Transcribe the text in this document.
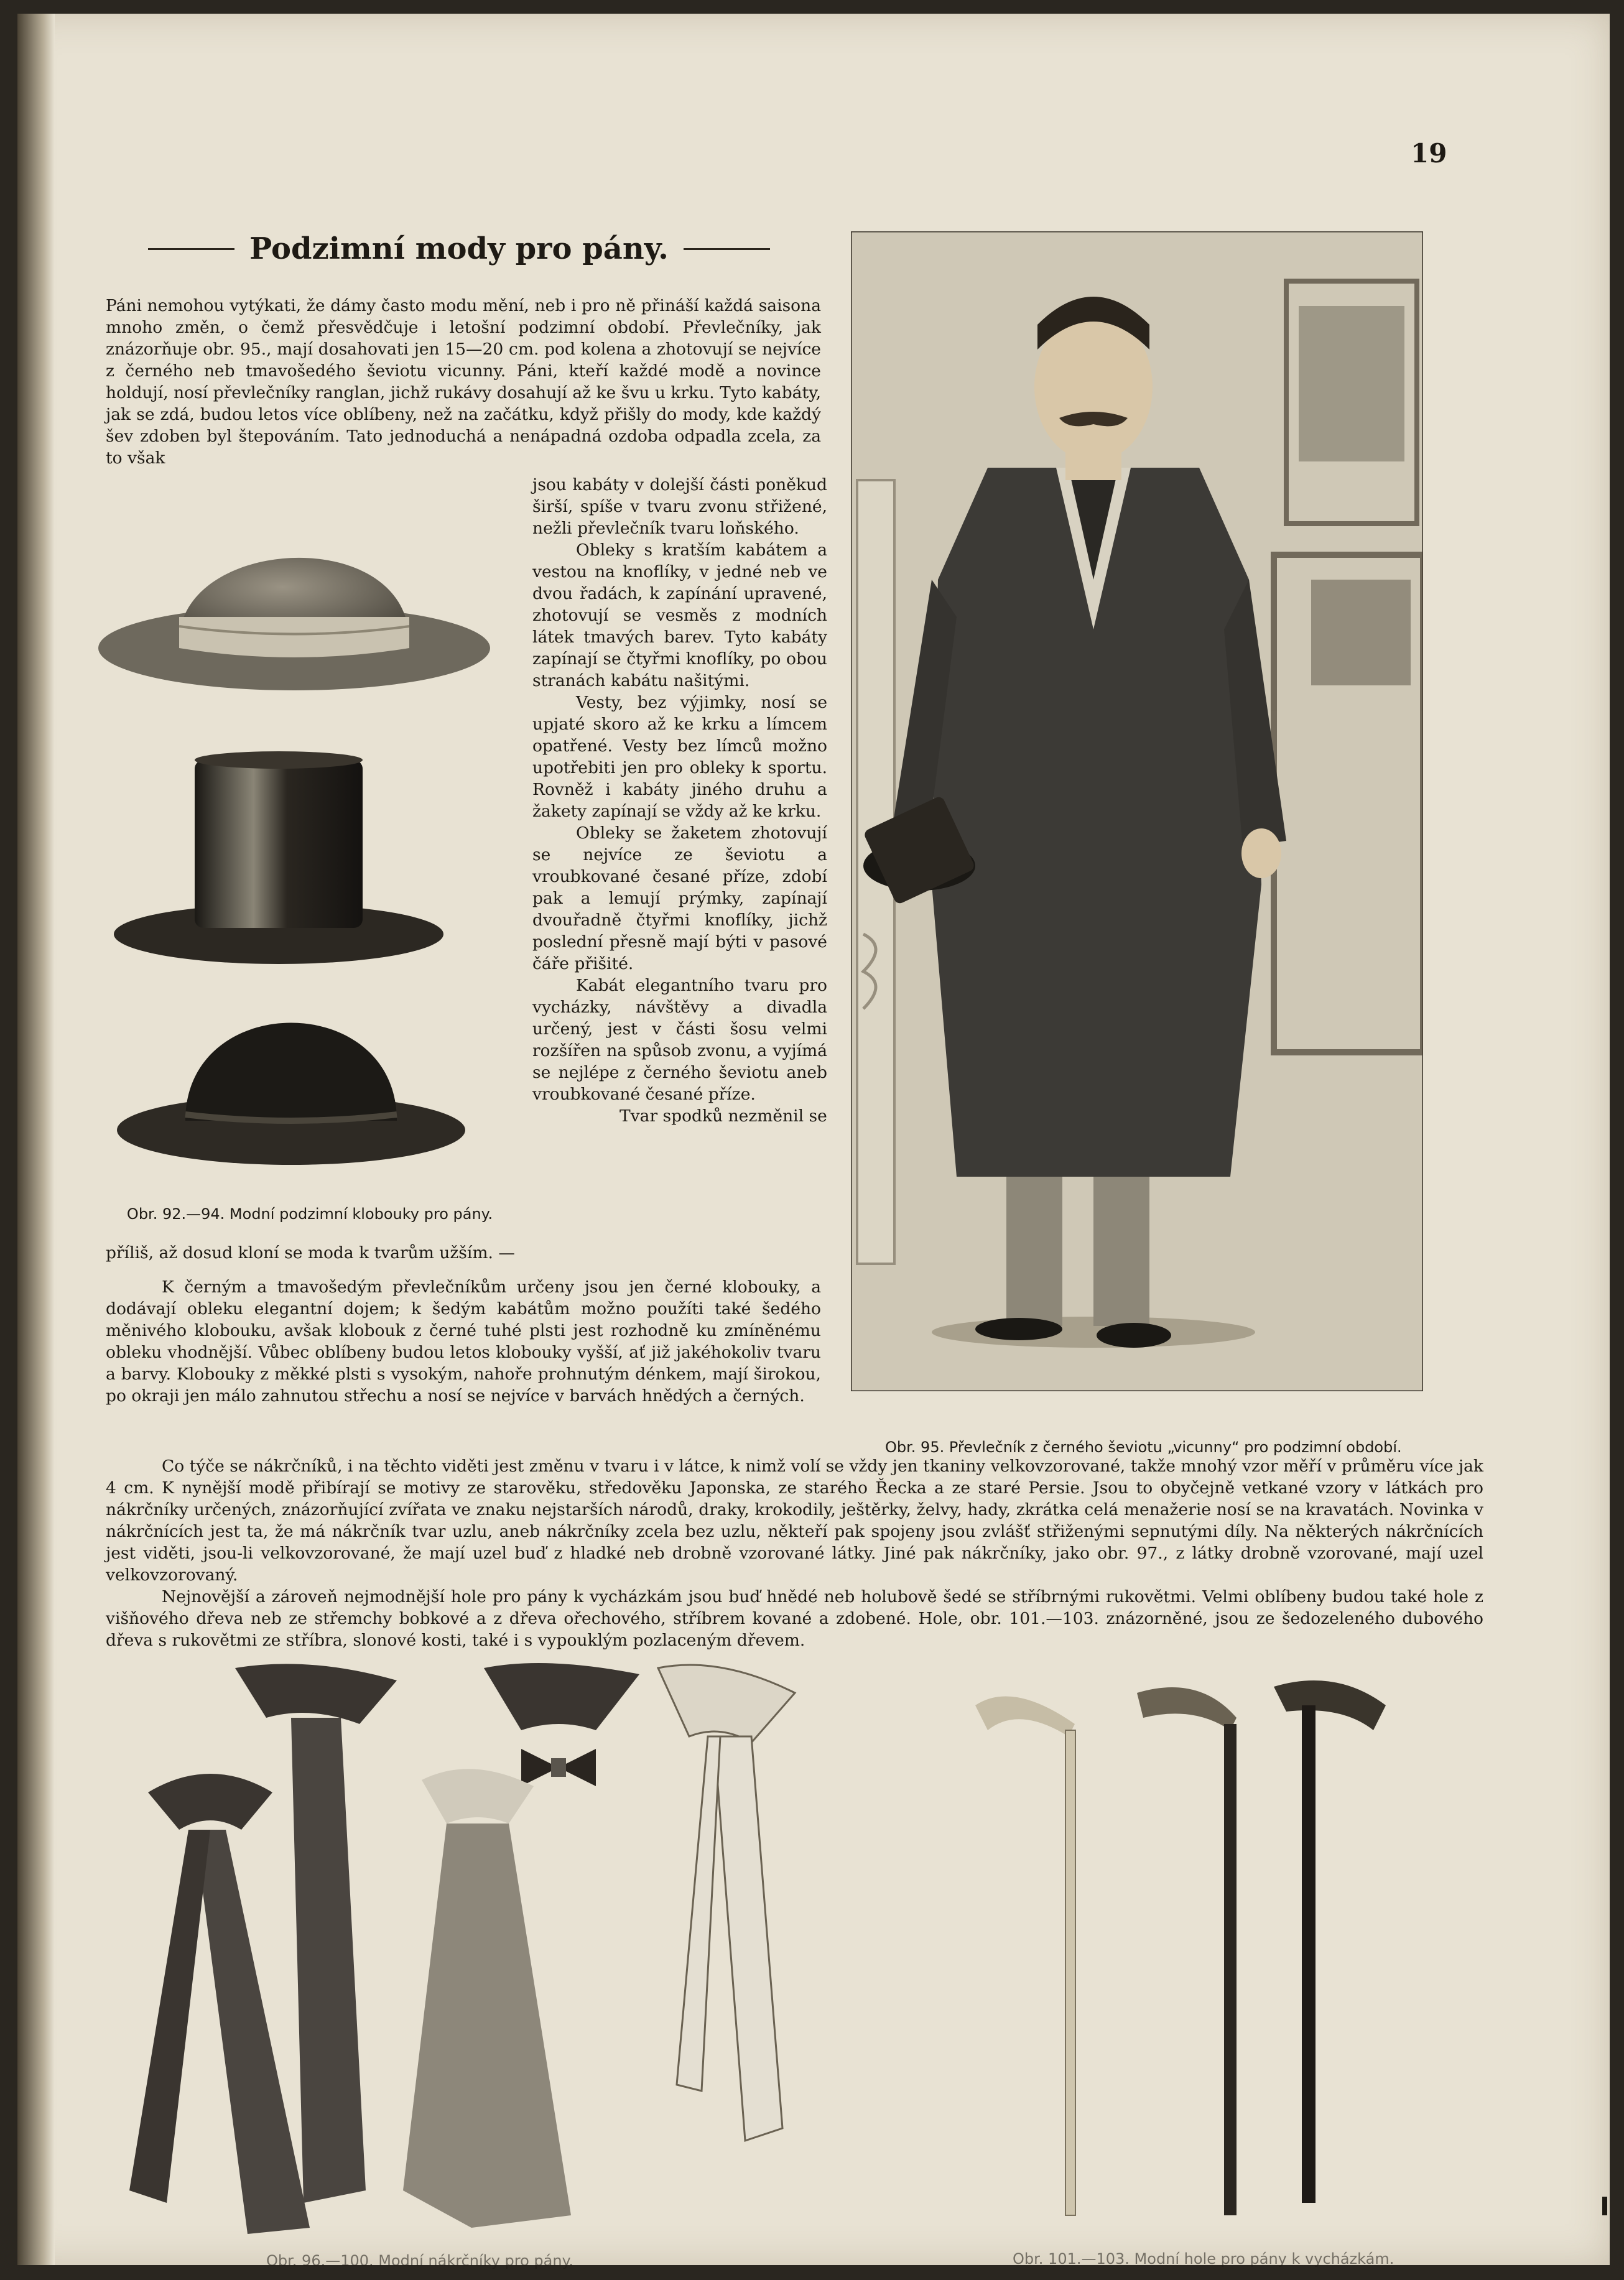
19
Podzimní mody pro pány.
Páni nemohou vytýkati, že dámy často modu mění, neb i pro ně přináší každá saisona mnoho změn, o čemž přesvědčuje i letošní podzimní období. Převlečníky, jak znázorňuje obr. 95., mají dosahovati jen 15—20 cm. pod kolena a zhotovují se nejvíce z černého neb tmavošedého ševiotu vicunny. Páni, kteří každé modě a novince holdují, nosí převlečníky ranglan, jichž rukávy dosahují až ke švu u krku. Tyto kabáty, jak se zdá, budou letos více oblíbeny, než na začátku, když přišly do mody, kde každý šev zdoben byl štepováním. Tato jednoduchá a nenápadná ozdoba odpadla zcela, za to však

jsou kabáty v dolejší části poněkud širší, spíše v tvaru zvonu střižené, nežli převlečník tvaru loňského.

Obleky s kratším kabátem a vestou na knoflíky, v jedné neb ve dvou řadách, k zapínání upravené, zhotovují se vesměs z modních látek tmavých barev. Tyto kabáty zapínají se čtyřmi knoflíky, po obou stranách kabátu našitými.

Vesty, bez výjimky, nosí se upjaté skoro až ke krku a límcem opatřené. Vesty bez límců možno upotřebiti jen pro obleky k sportu. Rovněž i kabáty jiného druhu a žakety zapínají se vždy až ke krku.

Obleky se žaketem zhotovují se nejvíce ze ševiotu a vroubkované česané příze, zdobí pak a lemují prýmky, zapínají dvouřadně čtyřmi knoflíky, jichž poslední přesně mají býti v pasové čáře přišité.

Kabát elegantního tvaru pro vycházky, návštěvy a divadla určený, jest v části šosu velmi rozšířen na spůsob zvonu, a vyjímá se nejlépe z černého ševiotu aneb vroubkované česané příze.

Tvar spodků nezměnil se

Obr. 92.—94. Modní podzimní klobouky pro pány.
příliš, až dosud kloní se moda k tvarům užším. —
K černým a tmavošedým převlečníkům určeny jsou jen černé klobouky, a dodávají obleku elegantní dojem; k šedým kabátům možno použíti také šedého měnivého klobouku, avšak klobouk z černé tuhé plsti jest rozhodně ku zmíněnému obleku vhodnější. Vůbec oblíbeny budou letos klobouky vyšší, ať již jakéhokoliv tvaru a barvy. Klobouky z měkké plsti s vysokým, nahoře prohnutým dénkem, mají širokou, po okraji jen málo zahnutou střechu a nosí se nejvíce v barvách hnědých a černých.
Obr. 95. Převlečník z černého ševiotu „vicunny“ pro podzimní období.

Co týče se nákrčníků, i na těchto viděti jest změnu v tvaru i v látce, k nimž volí se vždy jen tkaniny velkovzorované, takže mnohý vzor měří v průměru více jak 4 cm. K nynější modě přibírají se motivy ze starověku, středověku Japonska, ze starého Řecka a ze staré Persie. Jsou to obyčejně vetkané vzory v látkách pro nákrčníky určených, znázorňující zvířata ve znaku nejstarších národů, draky, krokodily, ještěrky, želvy, hady, zkrátka celá menažerie nosí se na kravatách. Novinka v nákrčnících jest ta, že má nákrčník tvar uzlu, aneb nákrčníky zcela bez uzlu, někteří pak spojeny jsou zvlášť střiženými sepnutými díly. Na některých nákrčnících jest viděti, jsou-li velkovzorované, že mají uzel buď z hladké neb drobně vzorované látky. Jiné pak nákrčníky, jako obr. 97., z látky drobně vzorované, mají uzel velkovzorovaný.

Nejnovější a zároveň nejmodnější hole pro pány k vycházkám jsou buď hnědé neb holubově šedé se stříbrnými rukovětmi. Velmi oblíbeny budou také hole z višňového dřeva neb ze střemchy bobkové a z dřeva ořechového, stříbrem kované a zdobené. Hole, obr. 101.—103. znázorněné, jsou ze šedozeleného dubového dřeva s rukovětmi ze stříbra, slonové kosti, také i s vypouklým pozlaceným dřevem.

Obr. 96.—100. Modní nákrčníky pro pány.	Obr. 101.—103. Modní hole pro pány k vycházkám.
